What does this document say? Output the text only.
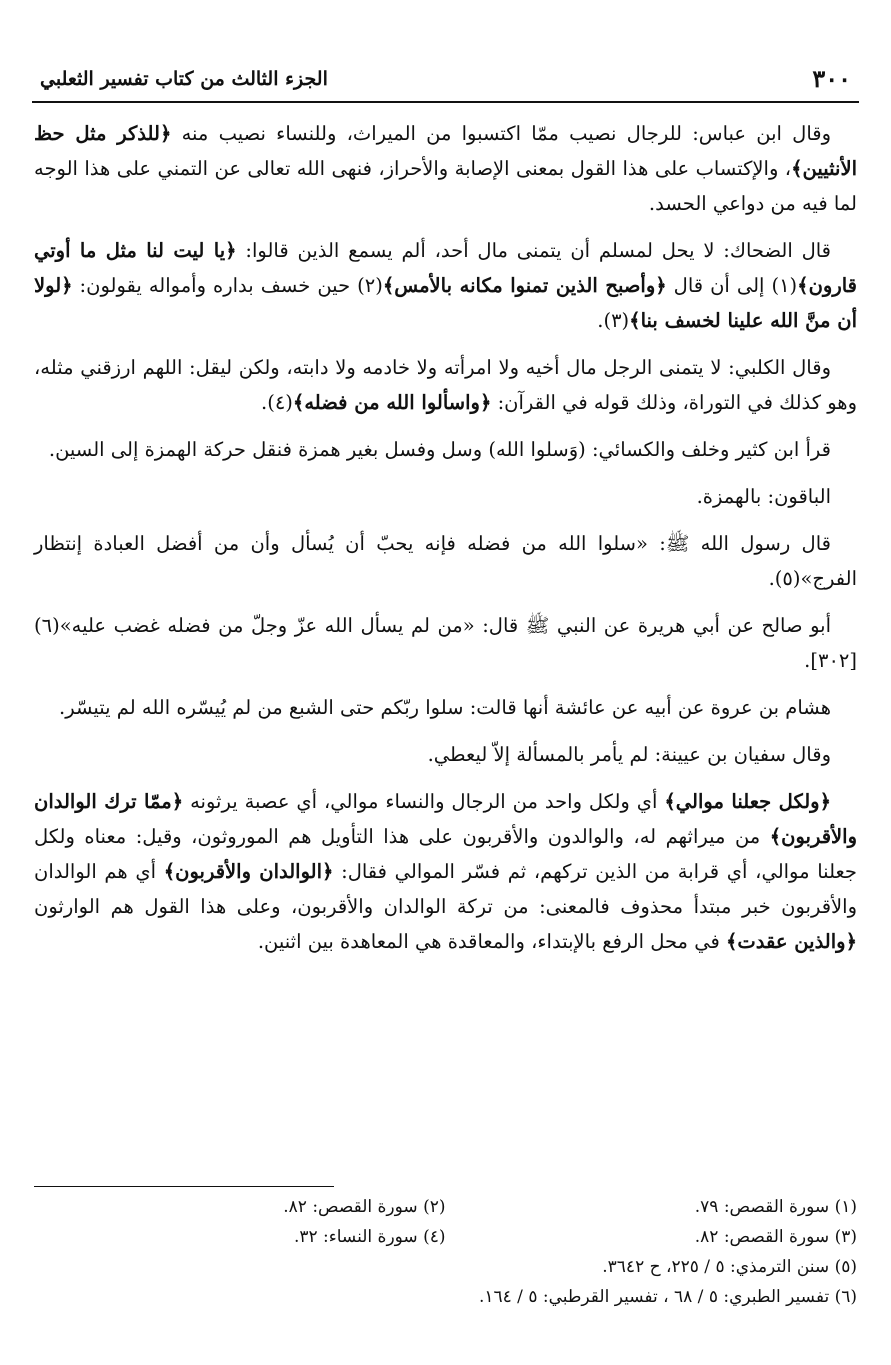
٣٠٠
الجزء الثالث من كتاب تفسير الثعلبي

وقال ابن عباس: للرجال نصيب ممّا اكتسبوا من الميراث، وللنساء نصيب منه ﴿للذكر مثل حظ الأنثيين﴾، والإكتساب على هذا القول بمعنى الإصابة والأحراز، فنهى الله تعالى عن التمني على هذا الوجه لما فيه من دواعي الحسد.

قال الضحاك: لا يحل لمسلم أن يتمنى مال أحد، ألم يسمع الذين قالوا: ﴿يا ليت لنا مثل ما أوتي قارون﴾(١) إلى أن قال ﴿وأصبح الذين تمنوا مكانه بالأمس﴾(٢) حين خسف بداره وأمواله يقولون: ﴿لولا أن منَّ الله علينا لخسف بنا﴾(٣).

وقال الكلبي: لا يتمنى الرجل مال أخيه ولا امرأته ولا خادمه ولا دابته، ولكن ليقل: اللهم ارزقني مثله، وهو كذلك في التوراة، وذلك قوله في القرآن: ﴿واسألوا الله من فضله﴾(٤).

قرأ ابن كثير وخلف والكسائي: (وَسلوا الله) وسل وفسل بغير همزة فنقل حركة الهمزة إلى السين.

الباقون: بالهمزة.

قال رسول الله ﷺ: «سلوا الله من فضله فإنه يحبّ أن يُسأل وأن من أفضل العبادة إنتظار الفرج»(٥).

أبو صالح عن أبي هريرة عن النبي ﷺ قال: «من لم يسأل الله عزّ وجلّ من فضله غضب عليه»(٦) [٣٠٢].

هشام بن عروة عن أبيه عن عائشة أنها قالت: سلوا ربّكم حتى الشبع من لم يُيسّره الله لم يتيسّر.

وقال سفيان بن عيينة: لم يأمر بالمسألة إلاّ ليعطي.

﴿ولكل جعلنا موالي﴾ أي ولكل واحد من الرجال والنساء موالي، أي عصبة يرثونه ﴿ممّا ترك الوالدان والأقربون﴾ من ميراثهم له، والوالدون والأقربون على هذا التأويل هم الموروثون، وقيل: معناه ولكل جعلنا موالي، أي قرابة من الذين تركهم، ثم فسّر الموالي فقال: ﴿الوالدان والأقربون﴾ أي هم الوالدان والأقربون خبر مبتدأ محذوف فالمعنى: من تركة الوالدان والأقربون، وعلى هذا القول هم الوارثون ﴿والذين عقدت﴾ في محل الرفع بالإبتداء، والمعاقدة هي المعاهدة بين اثنين.

(١) سورة القصص: ٧٩.
(٢) سورة القصص: ٨٢.
(٣) سورة القصص: ٨٢.
(٤) سورة النساء: ٣٢.
(٥) سنن الترمذي: ٥ / ٢٢٥، ح ٣٦٤٢.
(٦) تفسير الطبري: ٥ / ٦٨ ، تفسير القرطبي: ٥ / ١٦٤.
